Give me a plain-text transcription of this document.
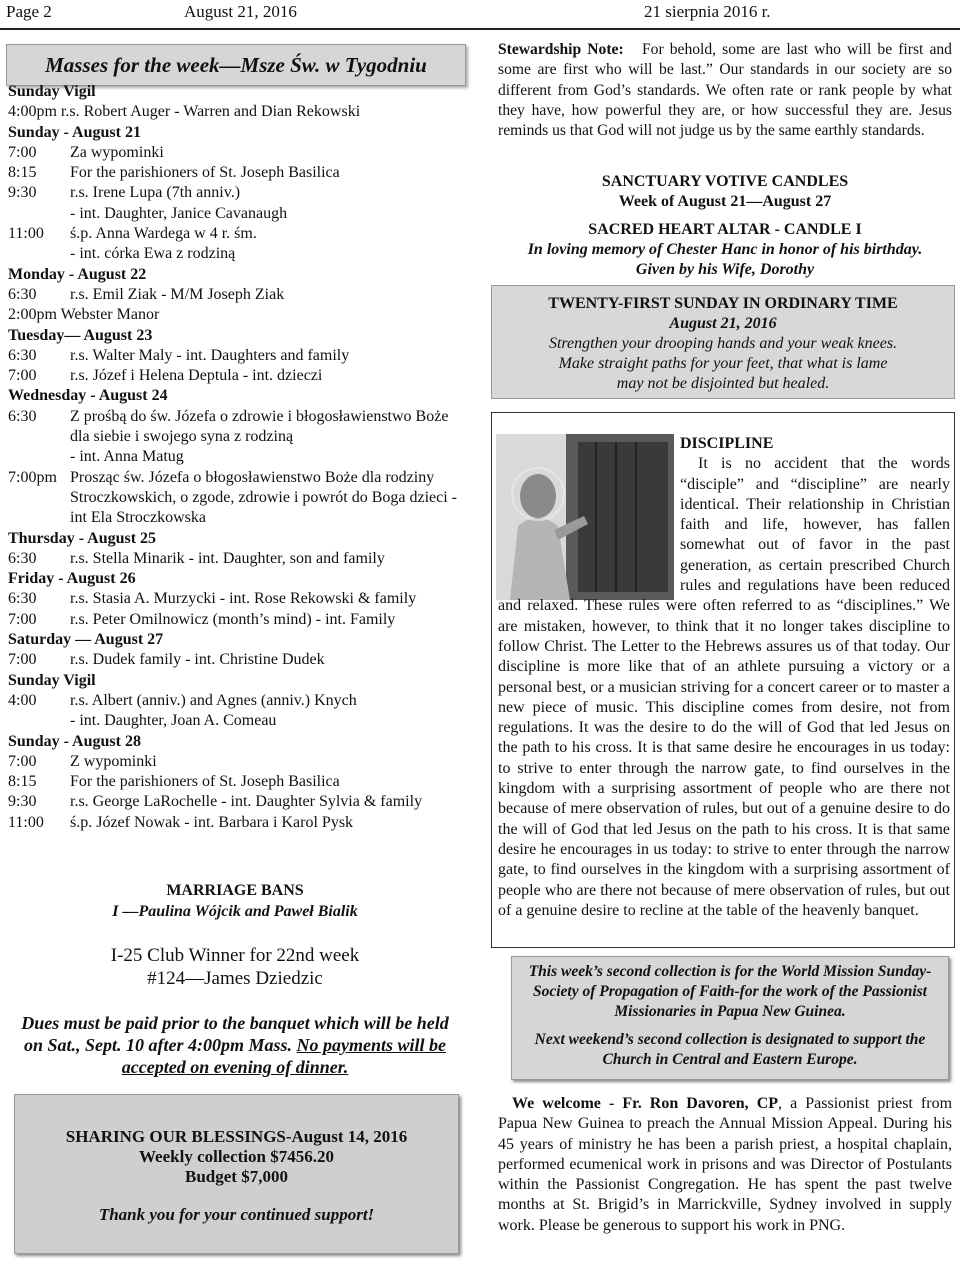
Page 2	August 21, 2016	21 sierpnia 2016 r.

Masses for the week—Msze Św. w Tygodniu

Sunday Vigil
4:00pm r.s. Robert Auger - Warren and Dian Rekowski
Sunday - August 21
7:00	Za wypominki
8:15	For the parishioners of St. Joseph Basilica
9:30	r.s. Irene Lupa (7th anniv.)
- int. Daughter, Janice Cavanaugh
11:00	ś.p. Anna Wardega w 4 r. śm.
- int. córka Ewa z rodziną
Monday - August 22
6:30	r.s. Emil Ziak - M/M Joseph Ziak
2:00pm Webster Manor
Tuesday— August 23
6:30	r.s. Walter Maly - int. Daughters and family
7:00	r.s. Józef i Helena Deptula - int. dzieczi
Wednesday - August 24
6:30	Z prośbą do św. Józefa o zdrowie i błogosławienstwo Boże dla siebie i swojego syna z rodziną
- int. Anna Matug
7:00pm Prosząc św. Józefa o błogosławienstwo Boże dla rodziny Stroczkowskich, o zgode, zdrowie i powrót do Boga dzieci - int Ela Stroczkowska
Thursday - August 25
6:30	r.s. Stella Minarik - int. Daughter, son and family
Friday - August 26
6:30	r.s. Stasia A. Murzycki - int. Rose Rekowski & family
7:00	r.s. Peter Omilnowicz (month’s mind) - int. Family
Saturday — August 27
7:00	r.s. Dudek family - int. Christine Dudek
Sunday Vigil
4:00	r.s. Albert (anniv.) and Agnes (anniv.) Knych
- int. Daughter, Joan A. Comeau
Sunday - August 28
7:00	Z wypominki
8:15	For the parishioners of St. Joseph Basilica
9:30	r.s. George LaRochelle - int. Daughter Sylvia & family
11:00	ś.p. Józef Nowak - int. Barbara i Karol Pysk
MARRIAGE BANS
I —Paulina Wójcik and Paweł Bialik
I-25 Club Winner for 22nd week
#124—James Dziedzic
Dues must be paid prior to the banquet which will be held on Sat., Sept. 10 after 4:00pm Mass. No payments will be accepted on evening of dinner.
SHARING OUR BLESSINGS-August 14, 2016
Weekly collection $7456.20
Budget $7,000
Thank you for your continued support!
Stewardship Note: For behold, some are last who will be first and some are first who will be last.” Our standards in our society are so different from God’s standards. We often rate or rank people by what they have, how powerful they are, or how successful they are. Jesus reminds us that God will not judge us by the same earthly standards.
SANCTUARY VOTIVE CANDLES
Week of August 21—August 27
SACRED HEART ALTAR - CANDLE I
In loving memory of Chester Hanc in honor of his birthday.
Given by his Wife, Dorothy
TWENTY-FIRST SUNDAY IN ORDINARY TIME
August 21, 2016
Strengthen your drooping hands and your weak knees.
Make straight paths for your feet, that what is lame
may not be disjointed but healed.
DISCIPLINE
It is no accident that the words “disciple” and “discipline” are nearly identical. Their relationship in Christian faith and life, however, has fallen somewhat out of favor in the past generation, as certain prescribed Church rules and regulations have been reduced and relaxed. These rules were often referred to as “disciplines.” We are mistaken, however, to think that it no longer takes discipline to follow Christ. The Letter to the Hebrews assures us of that today. Our discipline is more like that of an athlete pursuing a victory or a personal best, or a musician striving for a concert career or to master a new piece of music. This discipline comes from desire, not from regulations. It was the desire to do the will of God that led Jesus on the path to his cross. It is that same desire he encourages in us today: to strive to enter through the narrow gate, to find ourselves in the kingdom with a surprising assortment of people who are there not because of mere observation of rules, but out of a genuine desire to do the will of God that led Jesus on the path to his cross. It is that same desire he encourages in us today: to strive to enter through the narrow gate, to find ourselves in the kingdom with a surprising assortment of people who are there not because of mere observation of rules, but out of a genuine desire to recline at the table of the heavenly banquet.
This week’s second collection is for the World Mission Sunday-Society of Propagation of Faith-for the work of the Passionist Missionaries in Papua New Guinea.
Next weekend’s second collection is designated to support the Church in Central and Eastern Europe.
We welcome - Fr. Ron Davoren, CP, a Passionist priest from Papua New Guinea to preach the Annual Mission Appeal. During his 45 years of ministry he has been a parish priest, a hospital chaplain, performed ecumenical work in prisons and was Director of Postulants within the Passionist Congregation. He has spent the past twelve months at St. Brigid’s in Marrickville, Sydney involved in supply work. Please be generous to support his work in PNG.
